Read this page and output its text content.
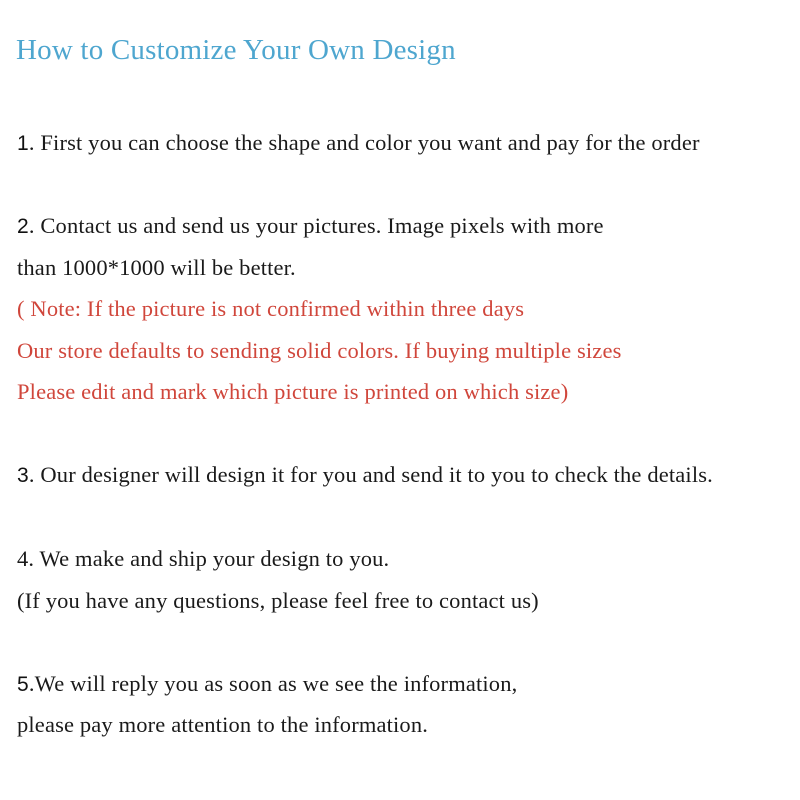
How to Customize Your Own Design
1. First you can choose the shape and color you want and pay for the order
2. Contact us and send us your pictures. Image pixels with more
than 1000*1000 will be better.
( Note: If the picture is not confirmed within three days
Our store defaults to sending solid colors. If buying multiple sizes
Please edit and mark which picture is printed on which size)
3. Our designer will design it for you and send it to you to check the details.
4. We make and ship your design to you.
(If you have any questions, please feel free to contact us)
5.We will reply you as soon as we see the information,
please pay more attention to the information.
